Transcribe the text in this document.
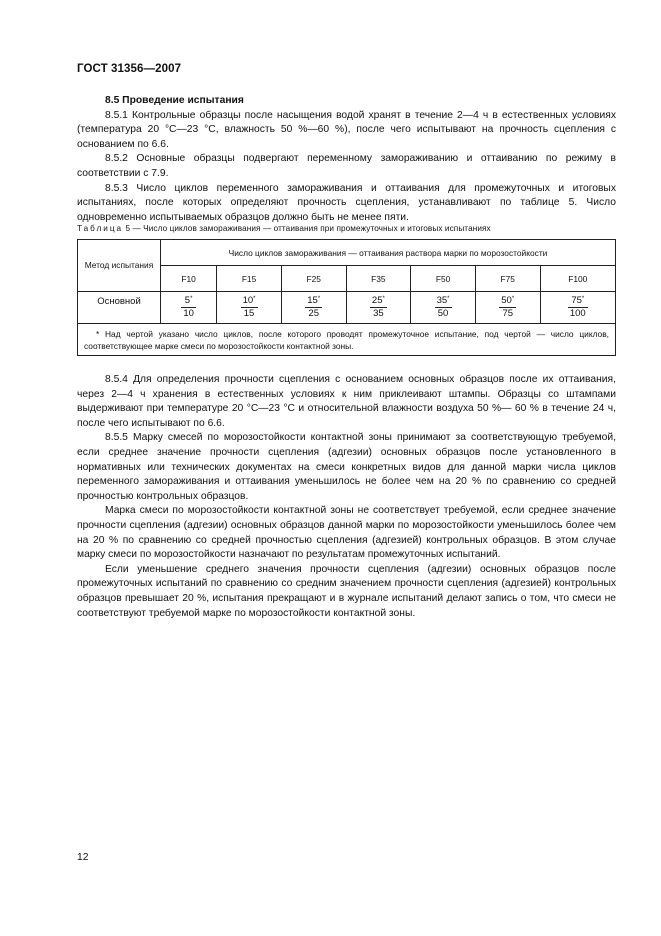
ГОСТ 31356—2007

8.5 Проведение испытания

8.5.1 Контрольные образцы после насыщения водой хранят в течение 2—4 ч в естественных условиях (температура 20 °С—23 °С, влажность 50 %—60 %), после чего испытывают на прочность сцепления с основанием по 6.6.

8.5.2 Основные образцы подвергают переменному замораживанию и оттаиванию по режиму в соответствии с 7.9.

8.5.3 Число циклов переменного замораживания и оттаивания для промежуточных и итоговых испытаниях, после которых определяют прочность сцепления, устанавливают по таблице 5. Число одновременно испытываемых образцов должно быть не менее пяти.

Таблица 5 — Число циклов замораживания — оттаивания при промежуточных и итоговых испытаниях
Метод испытания	Число циклов замораживания — оттаивания раствора марки по морозостойкости						
	F10	F15	F25	F35	F50	F75	F100
Основной	$\frac{5^*}{10}$	$\frac{10^*}{15}$	$\frac{15^*}{25}$	$\frac{25^*}{35}$	$\frac{35^*}{50}$	$\frac{50^*}{75}$	$\frac{75^*}{100}$

* Над чертой указано число циклов, после которого проводят промежуточное испытание, под чертой — число циклов, соответствующее марке смеси по морозостойкости контактной зоны.							

8.5.4 Для определения прочности сцепления с основанием основных образцов после их оттаивания, через 2—4 ч хранения в естественных условиях к ним приклеивают штампы. Образцы со штампами выдерживают при температуре 20 °С—23 °С и относительной влажности воздуха 50 %— 60 % в течение 24 ч, после чего испытывают по 6.6.

8.5.5 Марку смесей по морозостойкости контактной зоны принимают за соответствующую требуемой, если среднее значение прочности сцепления (адгезии) основных образцов после установленного в нормативных или технических документах на смеси конкретных видов для данной марки числа циклов переменного замораживания и оттаивания уменьшилось не более чем на 20 % по сравнению со средней прочностью контрольных образцов.

Марка смеси по морозостойкости контактной зоны не соответствует требуемой, если среднее значение прочности сцепления (адгезии) основных образцов данной марки по морозостойкости уменьшилось более чем на 20 % по сравнению со средней прочностью сцепления (адгезией) контрольных образцов. В этом случае марку смеси по морозостойкости назначают по результатам промежуточных испытаний.

Если уменьшение среднего значения прочности сцепления (адгезии) основных образцов после промежуточных испытаний по сравнению со средним значением прочности сцепления (адгезией) контрольных образцов превышает 20 %, испытания прекращают и в журнале испытаний делают запись о том, что смеси не соответствуют требуемой марке по морозостойкости контактной зоны.

12
